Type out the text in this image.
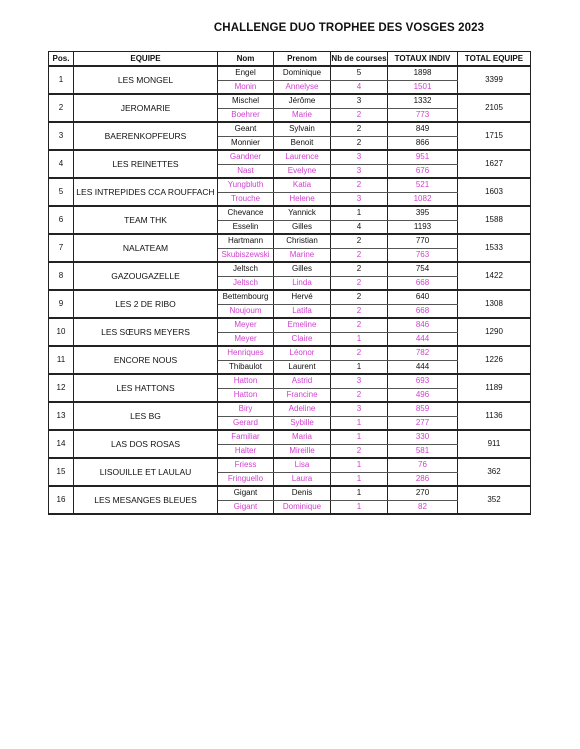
CHALLENGE DUO TROPHEE DES VOSGES 2023
Pos.	EQUIPE	Nom	Prenom	Nb de courses	TOTAUX INDIV	TOTAL EQUIPE
1	LES MONGEL	Engel	Dominique	5	1898	3399
		Monin	Annelyse	4	1501	
2	JEROMARIE	Mischel	Jérôme	3	1332	2105
		Boehrer	Marie	2	773	
3	BAERENKOPFEURS	Geant	Sylvain	2	849	1715
		Monnier	Benoit	2	866	
4	LES REINETTES	Gandner	Laurence	3	951	1627
		Nast	Evelyne	3	676	
5	LES INTREPIDES CCA ROUFFACH	Yungbluth	Katia	2	521	1603
		Trouche	Helene	3	1082	
6	TEAM THK	Chevance	Yannick	1	395	1588
		Esselin	Gilles	4	1193	
7	NALATEAM	Hartmann	Christian	2	770	1533
		Skubiszewski	Marine	2	763	
8	GAZOUGAZELLE	Jeltsch	Gilles	2	754	1422
		Jeltsch	Linda	2	668	
9	LES 2 DE RIBO	Bettembourg	Hervé	2	640	1308
		Noujoum	Latifa	2	668	
10	LES SŒURS MEYERS	Meyer	Emeline	2	846	1290
		Meyer	Claire	1	444	
11	ENCORE NOUS	Henriques	Léonor	2	782	1226
		Thibaulot	Laurent	1	444	
12	LES HATTONS	Hatton	Astrid	3	693	1189
		Hatton	Francine	2	496	
13	LES BG	Biry	Adeline	3	859	1136
		Gerard	Sybille	1	277	
14	LAS DOS ROSAS	Familiar	Maria	1	330	911
		Halter	Mireille	2	581	
15	LISOUILLE ET LAULAU	Friess	Lisa	1	76	362
		Fringuello	Laura	1	286	
16	LES MESANGES BLEUES	Gigant	Denis	1	270	352
		Gigant	Dominique	1	82	
